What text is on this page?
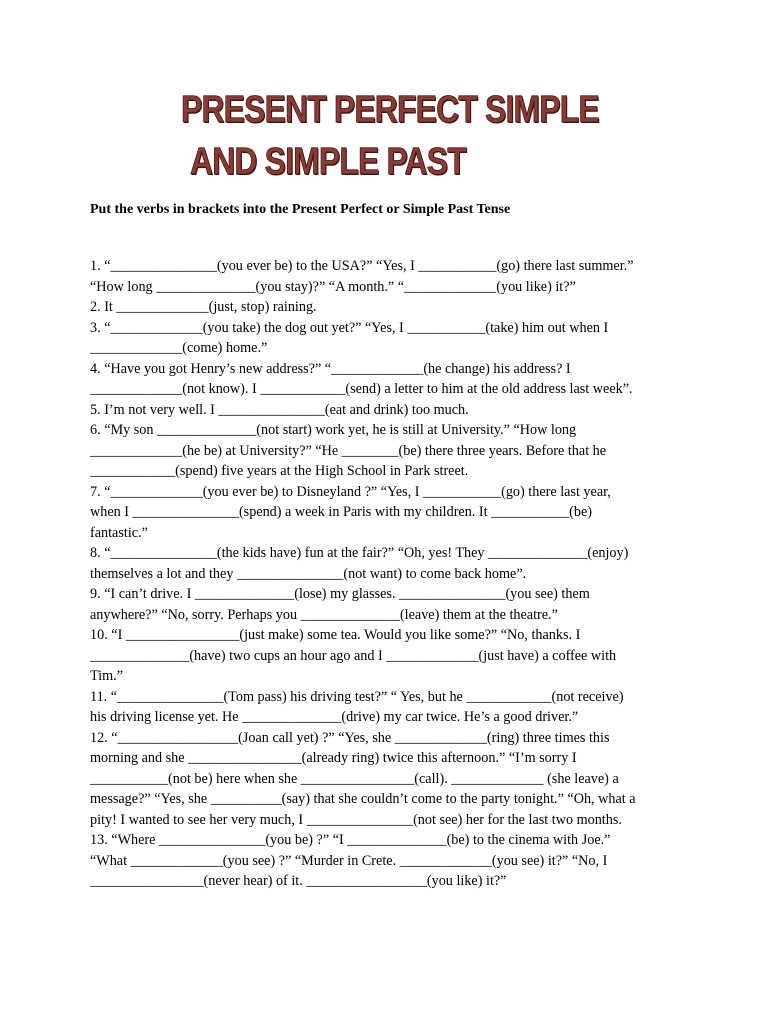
PRESENT PERFECT SIMPLE
AND SIMPLE PAST

Put the verbs in brackets into the Present Perfect or Simple Past Tense

1. “_______________(you ever be) to the USA?” “Yes, I ___________(go) there last summer.”
“How long ______________(you stay)?” “A month.” “_____________(you like) it?”
2. It _____________(just, stop) raining.
3. “_____________(you take) the dog out yet?” “Yes, I ___________(take) him out when I
_____________(come) home.”
4. “Have you got Henry’s new address?” “_____________(he change) his address? I
_____________(not know). I ____________(send) a letter to him at the old address last week”.
5. I’m not very well. I _______________(eat and drink) too much.
6. “My son ______________(not start) work yet, he is still at University.” “How long
_____________(he be) at University?” “He ________(be) there three years. Before that he
____________(spend) five years at the High School in Park street.
7. “_____________(you ever be) to Disneyland ?” “Yes, I ___________(go) there last year,
when I _______________(spend) a week in Paris with my children. It ___________(be)
fantastic.”
8. “_______________(the kids have) fun at the fair?” “Oh, yes! They ______________(enjoy)
themselves a lot and they _______________(not want) to come back home”.
9. “I can’t drive. I ______________(lose) my glasses. _______________(you see) them
anywhere?” “No, sorry. Perhaps you ______________(leave) them at the theatre.”
10. “I ________________(just make) some tea. Would you like some?” “No, thanks. I
______________(have) two cups an hour ago and I _____________(just have) a coffee with
Tim.”
11. “_______________(Tom pass) his driving test?” “ Yes, but he ____________(not receive)
his driving license yet. He ______________(drive) my car twice. He’s a good driver.”
12. “_________________(Joan call yet) ?” “Yes, she _____________(ring) three times this
morning and she ________________(already ring) twice this afternoon.” “I’m sorry I
___________(not be) here when she ________________(call). _____________ (she leave) a
message?” “Yes, she __________(say) that she couldn’t come to the party tonight.” “Oh, what a
pity! I wanted to see her very much, I _______________(not see) her for the last two months.
13. “Where _______________(you be) ?” “I ______________(be) to the cinema with Joe.”
“What _____________(you see) ?” “Murder in Crete. _____________(you see) it?” “No, I
________________(never hear) of it. _________________(you like) it?”
